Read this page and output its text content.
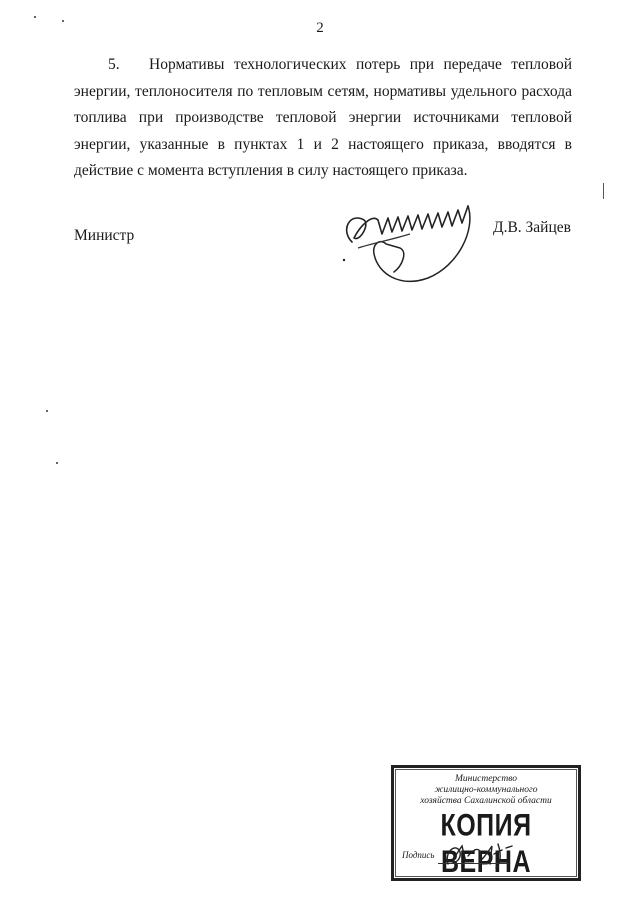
2

5. Нормативы технологических потерь при передаче тепловой энергии, теплоносителя по тепловым сетям, нормативы удельного расхода топлива при производстве тепловой энергии источниками тепловой энергии, указанные в пунктах 1 и 2 настоящего приказа, вводятся в действие с момента вступления в силу настоящего приказа.

Министр	Д.В. Зайцев
Министерство
жилищно-коммунального
хозяйства Сахалинской области
КОПИЯ ВЕРНА
Подпись
